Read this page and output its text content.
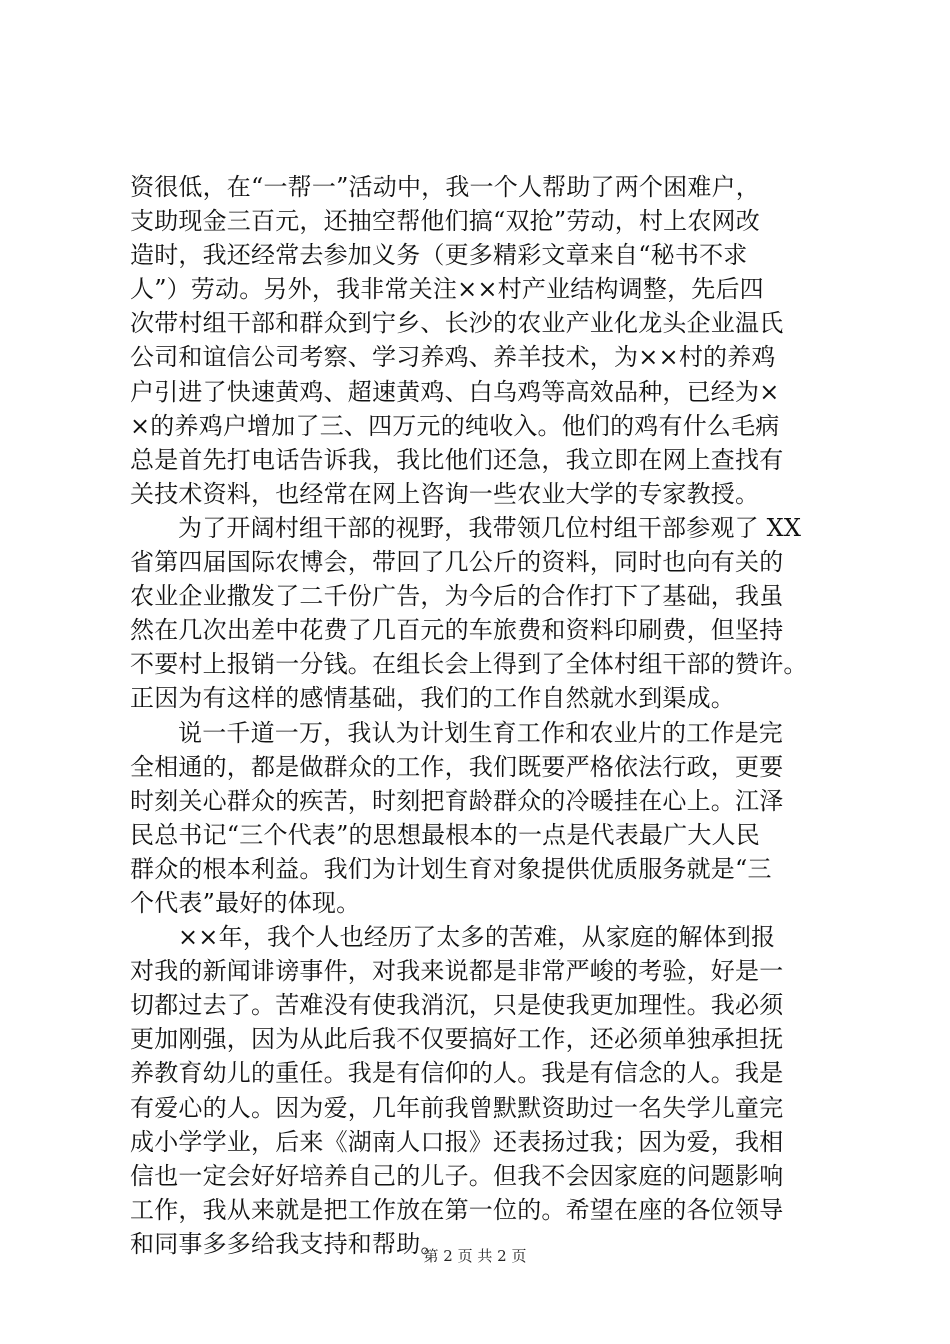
资很低，在“一帮一”活动中，我一个人帮助了两个困难户，
支助现金三百元，还抽空帮他们搞“双抢”劳动，村上农网改
造时，我还经常去参加义务（更多精彩文章来自“秘书不求
人”）劳动。另外，我非常关注××村产业结构调整，先后四
次带村组干部和群众到宁乡、长沙的农业产业化龙头企业温氏
公司和谊信公司考察、学习养鸡、养羊技术，为××村的养鸡
户引进了快速黄鸡、超速黄鸡、白乌鸡等高效品种，已经为×
×的养鸡户增加了三、四万元的纯收入。他们的鸡有什么毛病
总是首先打电话告诉我，我比他们还急，我立即在网上查找有
关技术资料，也经常在网上咨询一些农业大学的专家教授。
为了开阔村组干部的视野，我带领几位村组干部参观了 XX
省第四届国际农博会，带回了几公斤的资料，同时也向有关的
农业企业撒发了二千份广告，为今后的合作打下了基础，我虽
然在几次出差中花费了几百元的车旅费和资料印刷费，但坚持
不要村上报销一分钱。在组长会上得到了全体村组干部的赞许。
正因为有这样的感情基础，我们的工作自然就水到渠成。
说一千道一万，我认为计划生育工作和农业片的工作是完
全相通的，都是做群众的工作，我们既要严格依法行政，更要
时刻关心群众的疾苦，时刻把育龄群众的冷暖挂在心上。江泽
民总书记“三个代表”的思想最根本的一点是代表最广大人民
群众的根本利益。我们为计划生育对象提供优质服务就是“三
个代表”最好的体现。
××年，我个人也经历了太多的苦难，从家庭的解体到报
对我的新闻诽谤事件，对我来说都是非常严峻的考验，好是一
切都过去了。苦难没有使我消沉，只是使我更加理性。我必须
更加刚强，因为从此后我不仅要搞好工作，还必须单独承担抚
养教育幼儿的重任。我是有信仰的人。我是有信念的人。我是
有爱心的人。因为爱，几年前我曾默默资助过一名失学儿童完
成小学学业，后来《湖南人口报》还表扬过我；因为爱，我相
信也一定会好好培养自己的儿子。但我不会因家庭的问题影响
工作，我从来就是把工作放在第一位的。希望在座的各位领导
和同事多多给我支持和帮助。
第 2 页 共 2 页
